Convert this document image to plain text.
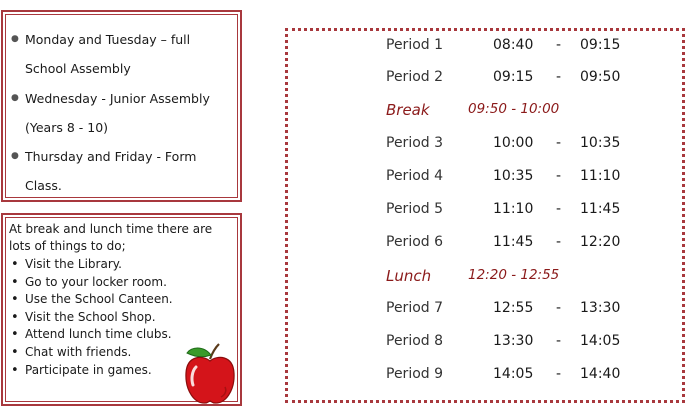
● Monday and Tuesday – full
School Assembly
● Wednesday - Junior Assembly
(Years 8 - 10)
● Thursday and Friday - Form
Class.
At break and lunch time there are lots of things to do;
• Visit the Library.
• Go to your locker room.
• Use the School Canteen.
• Visit the School Shop.
• Attend lunch time clubs.
• Chat with friends.
• Participate in games.
Period 1	08:40 - 09:15
Period 2	09:15 - 09:50
Break	09:50 - 10:00
Period 3	10:00 - 10:35
Period 4	10:35 - 11:10
Period 5	11:10 - 11:45
Period 6	11:45 - 12:20
Lunch	12:20 - 12:55
Period 7	12:55 - 13:30
Period 8	13:30 - 14:05
Period 9	14:05 - 14:40
